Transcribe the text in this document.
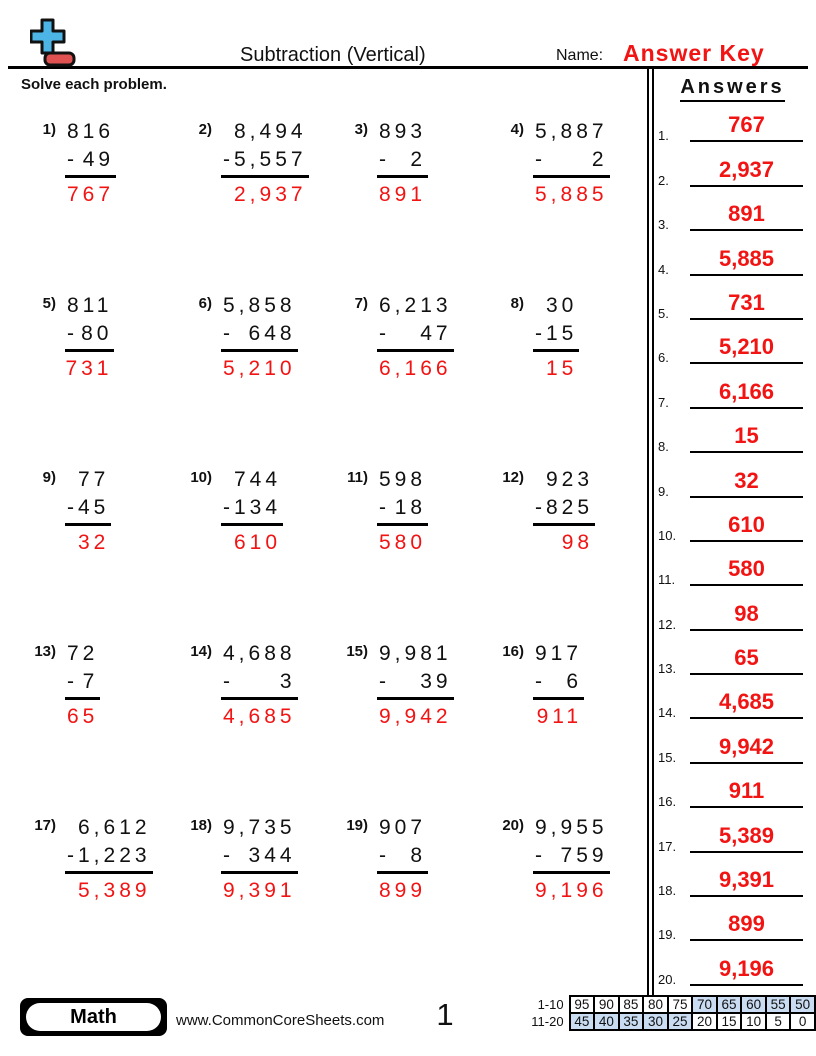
Subtraction (Vertical)	Name: Answer Key
Solve each problem.
1) 816
- 49
767
2)	8,494
- 5,557
2,937
3) 893
- 2
891
4) 5,887
- 2
5,885
5) 811
- 80
731
6) 5,858
- 648
5,210
7) 6,213
- 47
6,166
8)	30
- 15
15
9)	77
- 45
32
10)	744
- 134
610
11) 598
- 18
580
12)	923
- 825
98
13) 72
- 7
65
14) 4,688
- 3
4,685
15) 9,981
- 39
9,942
16) 917
- 6
911
17)	6,612
- 1,223
5,389
18) 9,735
- 344
9,391
19) 907
- 8
899
20) 9,955
- 759
9,196
Answers
1.	767
2.	2,937
3.	891
4.	5,885
5.	731
6.	5,210
7.	6,166
8.	15
9.	32
10.	610
11.	580
12.	98
13.	65
14.	4,685
15.	9,942
16.	911
17.	5,389
18.	9,391
19.	899
20.	9,196
Math	www.CommonCoreSheets.com	1	1-10	95	90	85	80	75	70	65	60	55	50
11-20	45	40	35	30	25	20	15	10	5	0
